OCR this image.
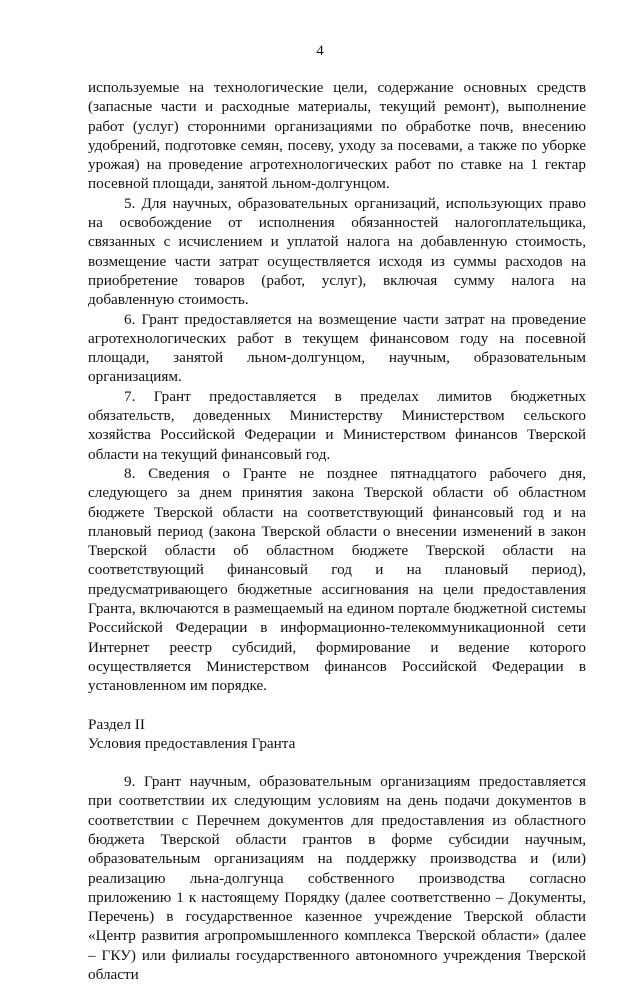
4

используемые на технологические цели, содержание основных средств (запасные части и расходные материалы, текущий ремонт), выполнение работ (услуг) сторонними организациями по обработке почв, внесению удобрений, подготовке семян, посеву, уходу за посевами, а также по уборке урожая) на проведение агротехнологических работ по ставке на 1 гектар посевной площади, занятой льном-долгунцом.

5. Для научных, образовательных организаций, использующих право на освобождение от исполнения обязанностей налогоплательщика, связанных с исчислением и уплатой налога на добавленную стоимость, возмещение части затрат осуществляется исходя из суммы расходов на приобретение товаров (работ, услуг), включая сумму налога на добавленную стоимость.

6. Грант предоставляется на возмещение части затрат на проведение агротехнологических работ в текущем финансовом году на посевной площади, занятой льном-долгунцом, научным, образовательным организациям.

7. Грант предоставляется в пределах лимитов бюджетных обязательств, доведенных Министерству Министерством сельского хозяйства Российской Федерации и Министерством финансов Тверской области на текущий финансовый год.

8. Сведения о Гранте не позднее пятнадцатого рабочего дня, следующего за днем принятия закона Тверской области об областном бюджете Тверской области на соответствующий финансовый год и на плановый период (закона Тверской области о внесении изменений в закон Тверской области об областном бюджете Тверской области на соответствующий финансовый год и на плановый период), предусматривающего бюджетные ассигнования на цели предоставления Гранта, включаются в размещаемый на едином портале бюджетной системы Российской Федерации в информационно-телекоммуникационной сети Интернет реестр субсидий, формирование и ведение которого осуществляется Министерством финансов Российской Федерации в установленном им порядке.

Раздел II

Условия предоставления Гранта

9. Грант научным, образовательным организациям предоставляется при соответствии их следующим условиям на день подачи документов в соответствии с Перечнем документов для предоставления из областного бюджета Тверской области грантов в форме субсидии научным, образовательным организациям на поддержку производства и (или) реализацию льна-долгунца собственного производства согласно приложению 1 к настоящему Порядку (далее соответственно – Документы, Перечень) в государственное казенное учреждение Тверской области «Центр развития агропромышленного комплекса Тверской области» (далее – ГКУ) или филиалы государственного автономного учреждения Тверской области
